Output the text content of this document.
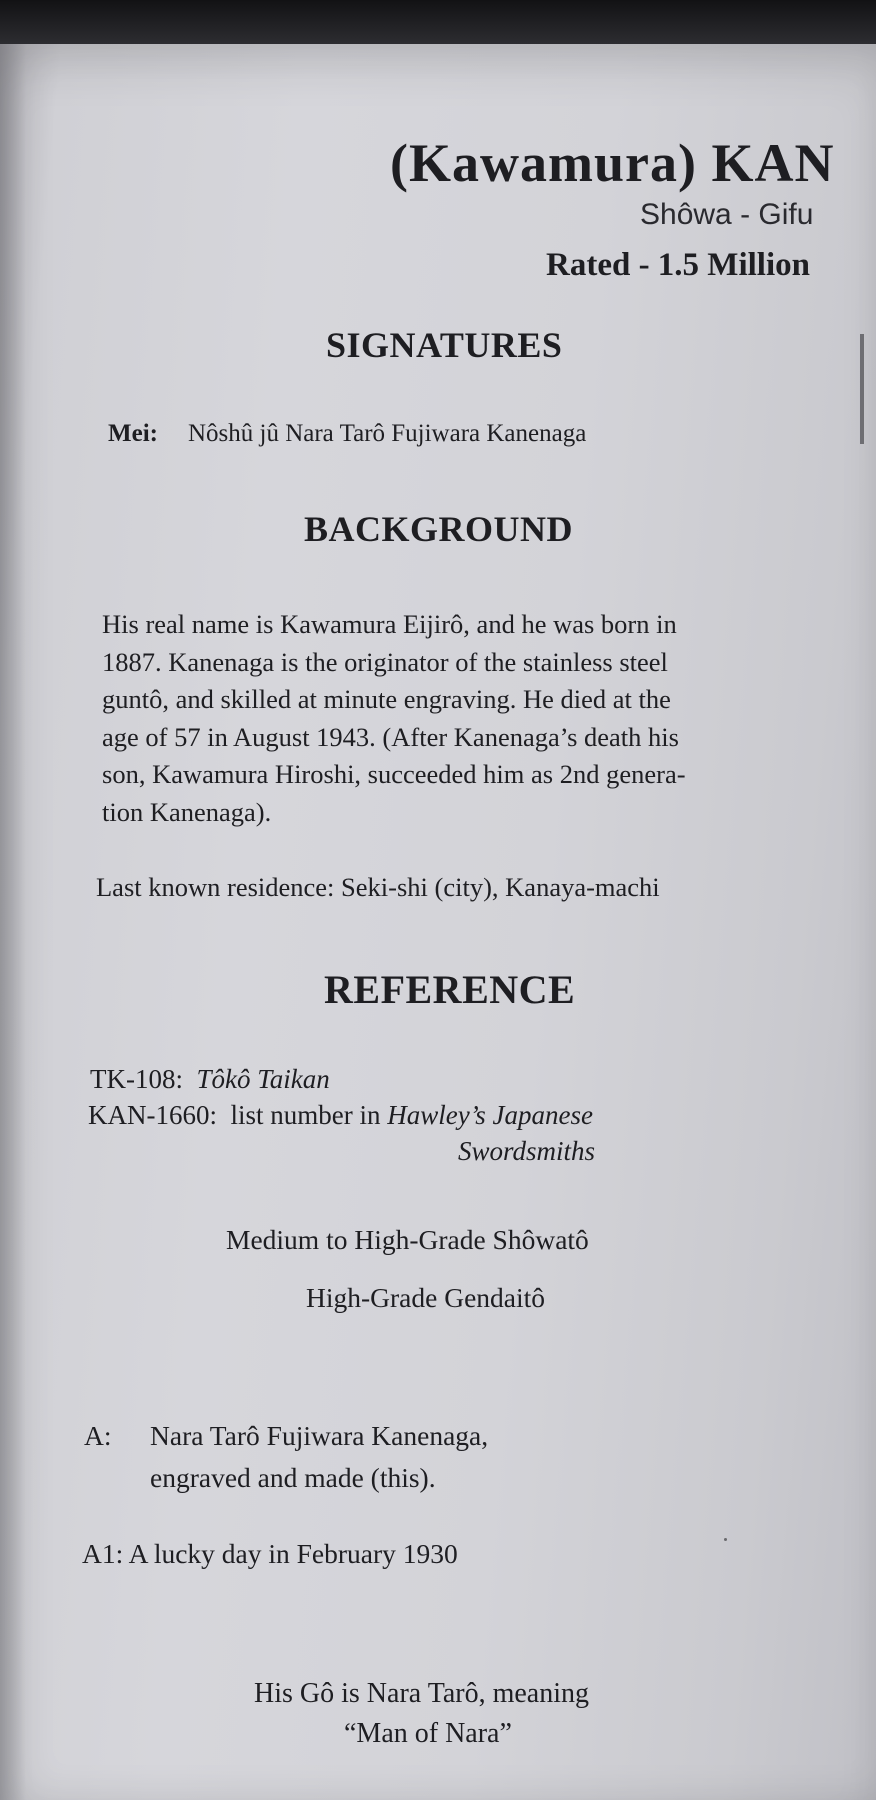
(Kawamura) KAN
Shôwa - Gifu
Rated - 1.5 Million
SIGNATURES
Mei: Nôshû jû Nara Tarô Fujiwara Kanenaga
BACKGROUND
His real name is Kawamura Eijirô, and he was born in
1887. Kanenaga is the originator of the stainless steel
guntô, and skilled at minute engraving. He died at the
age of 57 in August 1943. (After Kanenaga’s death his
son, Kawamura Hiroshi, succeeded him as 2nd genera-
tion Kanenaga).
Last known residence: Seki-shi (city), Kanaya-machi
REFERENCE
TK-108: Tôkô Taikan
KAN-1660: list number in Hawley’s Japanese
Swordsmiths
Medium to High-Grade Shôwatô
High-Grade Gendaitô
A: Nara Tarô Fujiwara Kanenaga,
engraved and made (this).
A1: A lucky day in February 1930
His Gô is Nara Tarô, meaning
“Man of Nara”
